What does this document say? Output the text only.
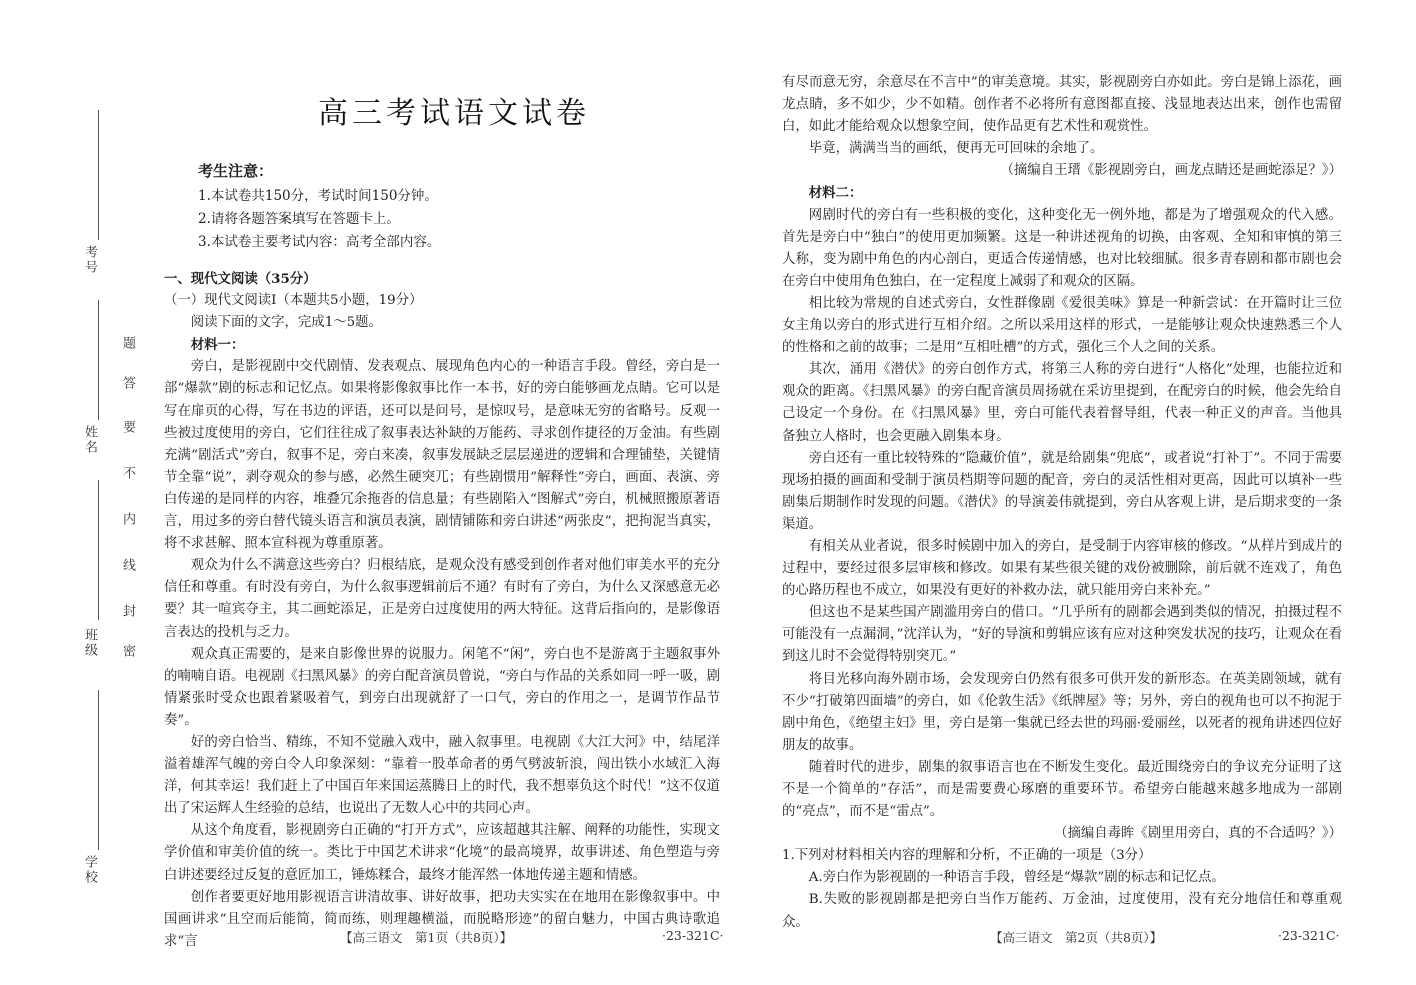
考号
姓名
班级
学校
题
答
要
不
内
线
封
密
高三考试语文试卷
考生注意：
1.本试卷共150分，考试时间150分钟。
2.请将各题答案填写在答题卡上。
3.本试卷主要考试内容：高考全部内容。

一、现代文阅读（35分）

（一）现代文阅读Ⅰ（本题共5小题，19分）

阅读下面的文字，完成1～5题。

材料一：

旁白，是影视剧中交代剧情、发表观点、展现角色内心的一种语言手段。曾经，旁白是一部“爆款”剧的标志和记忆点。如果将影像叙事比作一本书，好的旁白能够画龙点睛。它可以是写在扉页的心得，写在书边的评语，还可以是问号，是惊叹号，是意味无穷的省略号。反观一些被过度使用的旁白，它们往往成了叙事表达补缺的万能药、寻求创作捷径的万金油。有些剧充满“剧活式”旁白，叙事不足，旁白来凑，叙事发展缺乏层层递进的逻辑和合理铺垫，关键情节全靠“说”，剥夺观众的参与感，必然生硬突兀；有些剧惯用“解释性”旁白，画面、表演、旁白传递的是同样的内容，堆叠冗余拖沓的信息量；有些剧陷入“图解式”旁白，机械照搬原著语言，用过多的旁白替代镜头语言和演员表演，剧情铺陈和旁白讲述“两张皮”，把拘泥当真实，将不求甚解、照本宣科视为尊重原著。

观众为什么不满意这些旁白？归根结底，是观众没有感受到创作者对他们审美水平的充分信任和尊重。有时没有旁白，为什么叙事逻辑前后不通？有时有了旁白，为什么又深感意无必要？其一喧宾夺主，其二画蛇添足，正是旁白过度使用的两大特征。这背后指向的，是影像语言表达的投机与乏力。

观众真正需要的，是来自影像世界的说服力。闲笔不“闲”，旁白也不是游离于主题叙事外的喃喃自语。电视剧《扫黑风暴》的旁白配音演员曾说，“旁白与作品的关系如同一呼一吸，剧情紧张时受众也跟着紧吸着气，到旁白出现就舒了一口气，旁白的作用之一，是调节作品节奏”。

好的旁白恰当、精练，不知不觉融入戏中，融入叙事里。电视剧《大江大河》中，结尾洋溢着雄浑气魄的旁白令人印象深刻：“靠着一股革命者的勇气劈波斩浪，闯出铁小水域汇入海洋，何其幸运！我们赶上了中国百年来国运蒸腾日上的时代，我不想辜负这个时代！”这不仅道出了宋运辉人生经验的总结，也说出了无数人心中的共同心声。

从这个角度看，影视剧旁白正确的“打开方式”，应该超越其注解、阐释的功能性，实现文学价值和审美价值的统一。类比于中国艺术讲求“化境”的最高境界，故事讲述、角色塑造与旁白讲述要经过反复的意匠加工，锤炼糅合，最终才能浑然一体地传递主题和情感。

创作者要更好地用影视语言讲清故事、讲好故事，把功夫实实在在地用在影像叙事中。中国画讲求“且空而后能简，简而练，则理趣横溢，而脱略形迹”的留白魅力，中国古典诗歌追求“言	【高三语文　第1页（共8页）】	·23-321C·

有尽而意无穷，余意尽在不言中”的审美意境。其实，影视剧旁白亦如此。旁白是锦上添花，画龙点睛，多不如少，少不如精。创作者不必将所有意图都直接、浅显地表达出来，创作也需留白，如此才能给观众以想象空间，使作品更有艺术性和观赏性。

毕竟，满满当当的画纸，便再无可回味的余地了。

（摘编自王瑨《影视剧旁白，画龙点睛还是画蛇添足？》）

材料二：

网剧时代的旁白有一些积极的变化，这种变化无一例外地，都是为了增强观众的代入感。首先是旁白中“独白”的使用更加频繁。这是一种讲述视角的切换，由客观、全知和审慎的第三人称，变为剧中角色的内心剖白，更适合传递情感，也对比较细腻。很多青春剧和都市剧也会在旁白中使用角色独白，在一定程度上减弱了和观众的区隔。

相比较为常规的自述式旁白，女性群像剧《爱很美味》算是一种新尝试：在开篇时让三位女主角以旁白的形式进行互相介绍。之所以采用这样的形式，一是能够让观众快速熟悉三个人的性格和之前的故事；二是用“互相吐槽”的方式，强化三个人之间的关系。

其次，涌用《潜伏》的旁白创作方式，将第三人称的旁白进行“人格化”处理，也能拉近和观众的距离。《扫黑风暴》的旁白配音演员周扬就在采访里提到，在配旁白的时候，他会先给自己设定一个身份。在《扫黑风暴》里，旁白可能代表着督导组，代表一种正义的声音。当他具备独立人格时，也会更融入剧集本身。

旁白还有一重比较特殊的“隐藏价值”，就是给剧集“兜底”，或者说“打补丁”。不同于需要现场拍摄的画面和受制于演员档期等问题的配音，旁白的灵活性相对更高，因此可以填补一些剧集后期制作时发现的问题。《潜伏》的导演姜伟就提到，旁白从客观上讲，是后期求变的一条渠道。

有相关从业者说，很多时候剧中加入的旁白，是受制于内容审核的修改。“从样片到成片的过程中，要经过很多层审核和修改。如果有某些很关键的戏份被删除，前后就不连戏了，角色的心路历程也不成立，如果没有更好的补救办法，就只能用旁白来补充。”

但这也不是某些国产剧滥用旁白的借口。“几乎所有的剧都会遇到类似的情况，拍摄过程不可能没有一点漏洞，”沈洋认为，“好的导演和剪辑应该有应对这种突发状况的技巧，让观众在看到这儿时不会觉得特别突兀。”

将目光移向海外剧市场，会发现旁白仍然有很多可供开发的新形态。在英美剧领域，就有不少“打破第四面墙”的旁白，如《伦敦生活》《纸牌屋》等；另外，旁白的视角也可以不拘泥于剧中角色，《绝望主妇》里，旁白是第一集就已经去世的玛丽·爱丽丝，以死者的视角讲述四位好朋友的故事。

随着时代的进步，剧集的叙事语言也在不断发生变化。最近围绕旁白的争议充分证明了这不是一个简单的“存活”，而是需要费心琢磨的重要环节。希望旁白能越来越多地成为一部剧的“亮点”，而不是“雷点”。

（摘编自毒眸《剧里用旁白，真的不合适吗？》）

1.下列对材料相关内容的理解和分析，不正确的一项是（3分）

A.旁白作为影视剧的一种语言手段，曾经是“爆款”剧的标志和记忆点。

B.失败的影视剧都是把旁白当作万能药、万金油，过度使用，没有充分地信任和尊重观众。

【高三语文　第2页（共8页）】	·23-321C·
